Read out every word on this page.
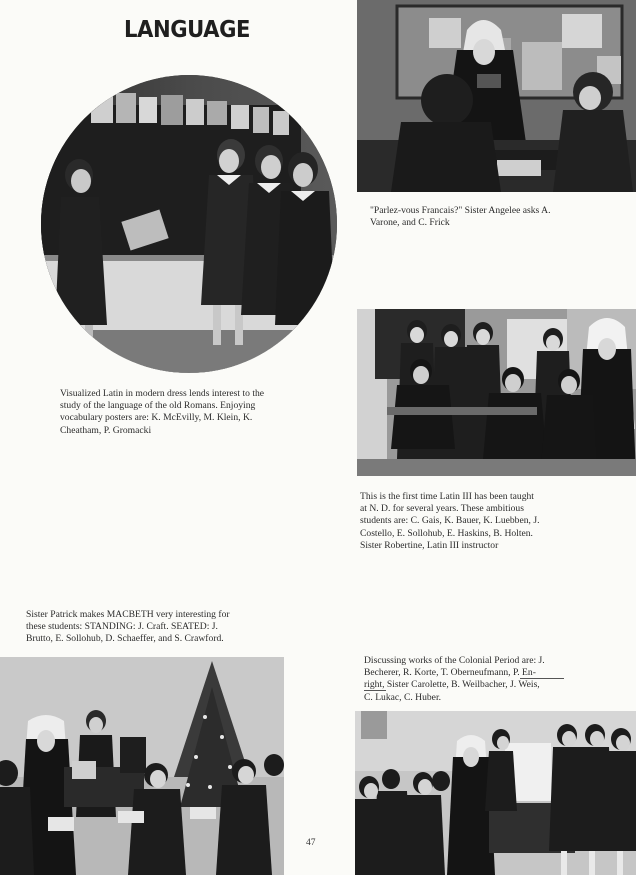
LANGUAGE
Visualized Latin in modern dress lends interest to the
study of the language of the old Romans. Enjoying
vocabulary posters are: K. McEvilly, M. Klein, K.
Cheatham, P. Gromacki
"Parlez-vous Francais?" Sister Angelee asks A.
Varone, and C. Frick
This is the first time Latin III has been taught
at N. D. for several years. These ambitious
students are: C. Gais, K. Bauer, K. Luebben, J.
Costello, E. Sollohub, E. Haskins, B. Holten.
Sister Robertine, Latin III instructor
Sister Patrick makes MACBETH very interesting for
these students: STANDING: J. Craft. SEATED: J.
Brutto, E. Sollohub, D. Schaeffer, and S. Crawford.
Discussing works of the Colonial Period are: J.
Becherer, R. Korte, T. Oberneufmann, P. En-
right, Sister Carolette, B. Weilbacher, J. Weis,
C. Lukac, C. Huber.
47
